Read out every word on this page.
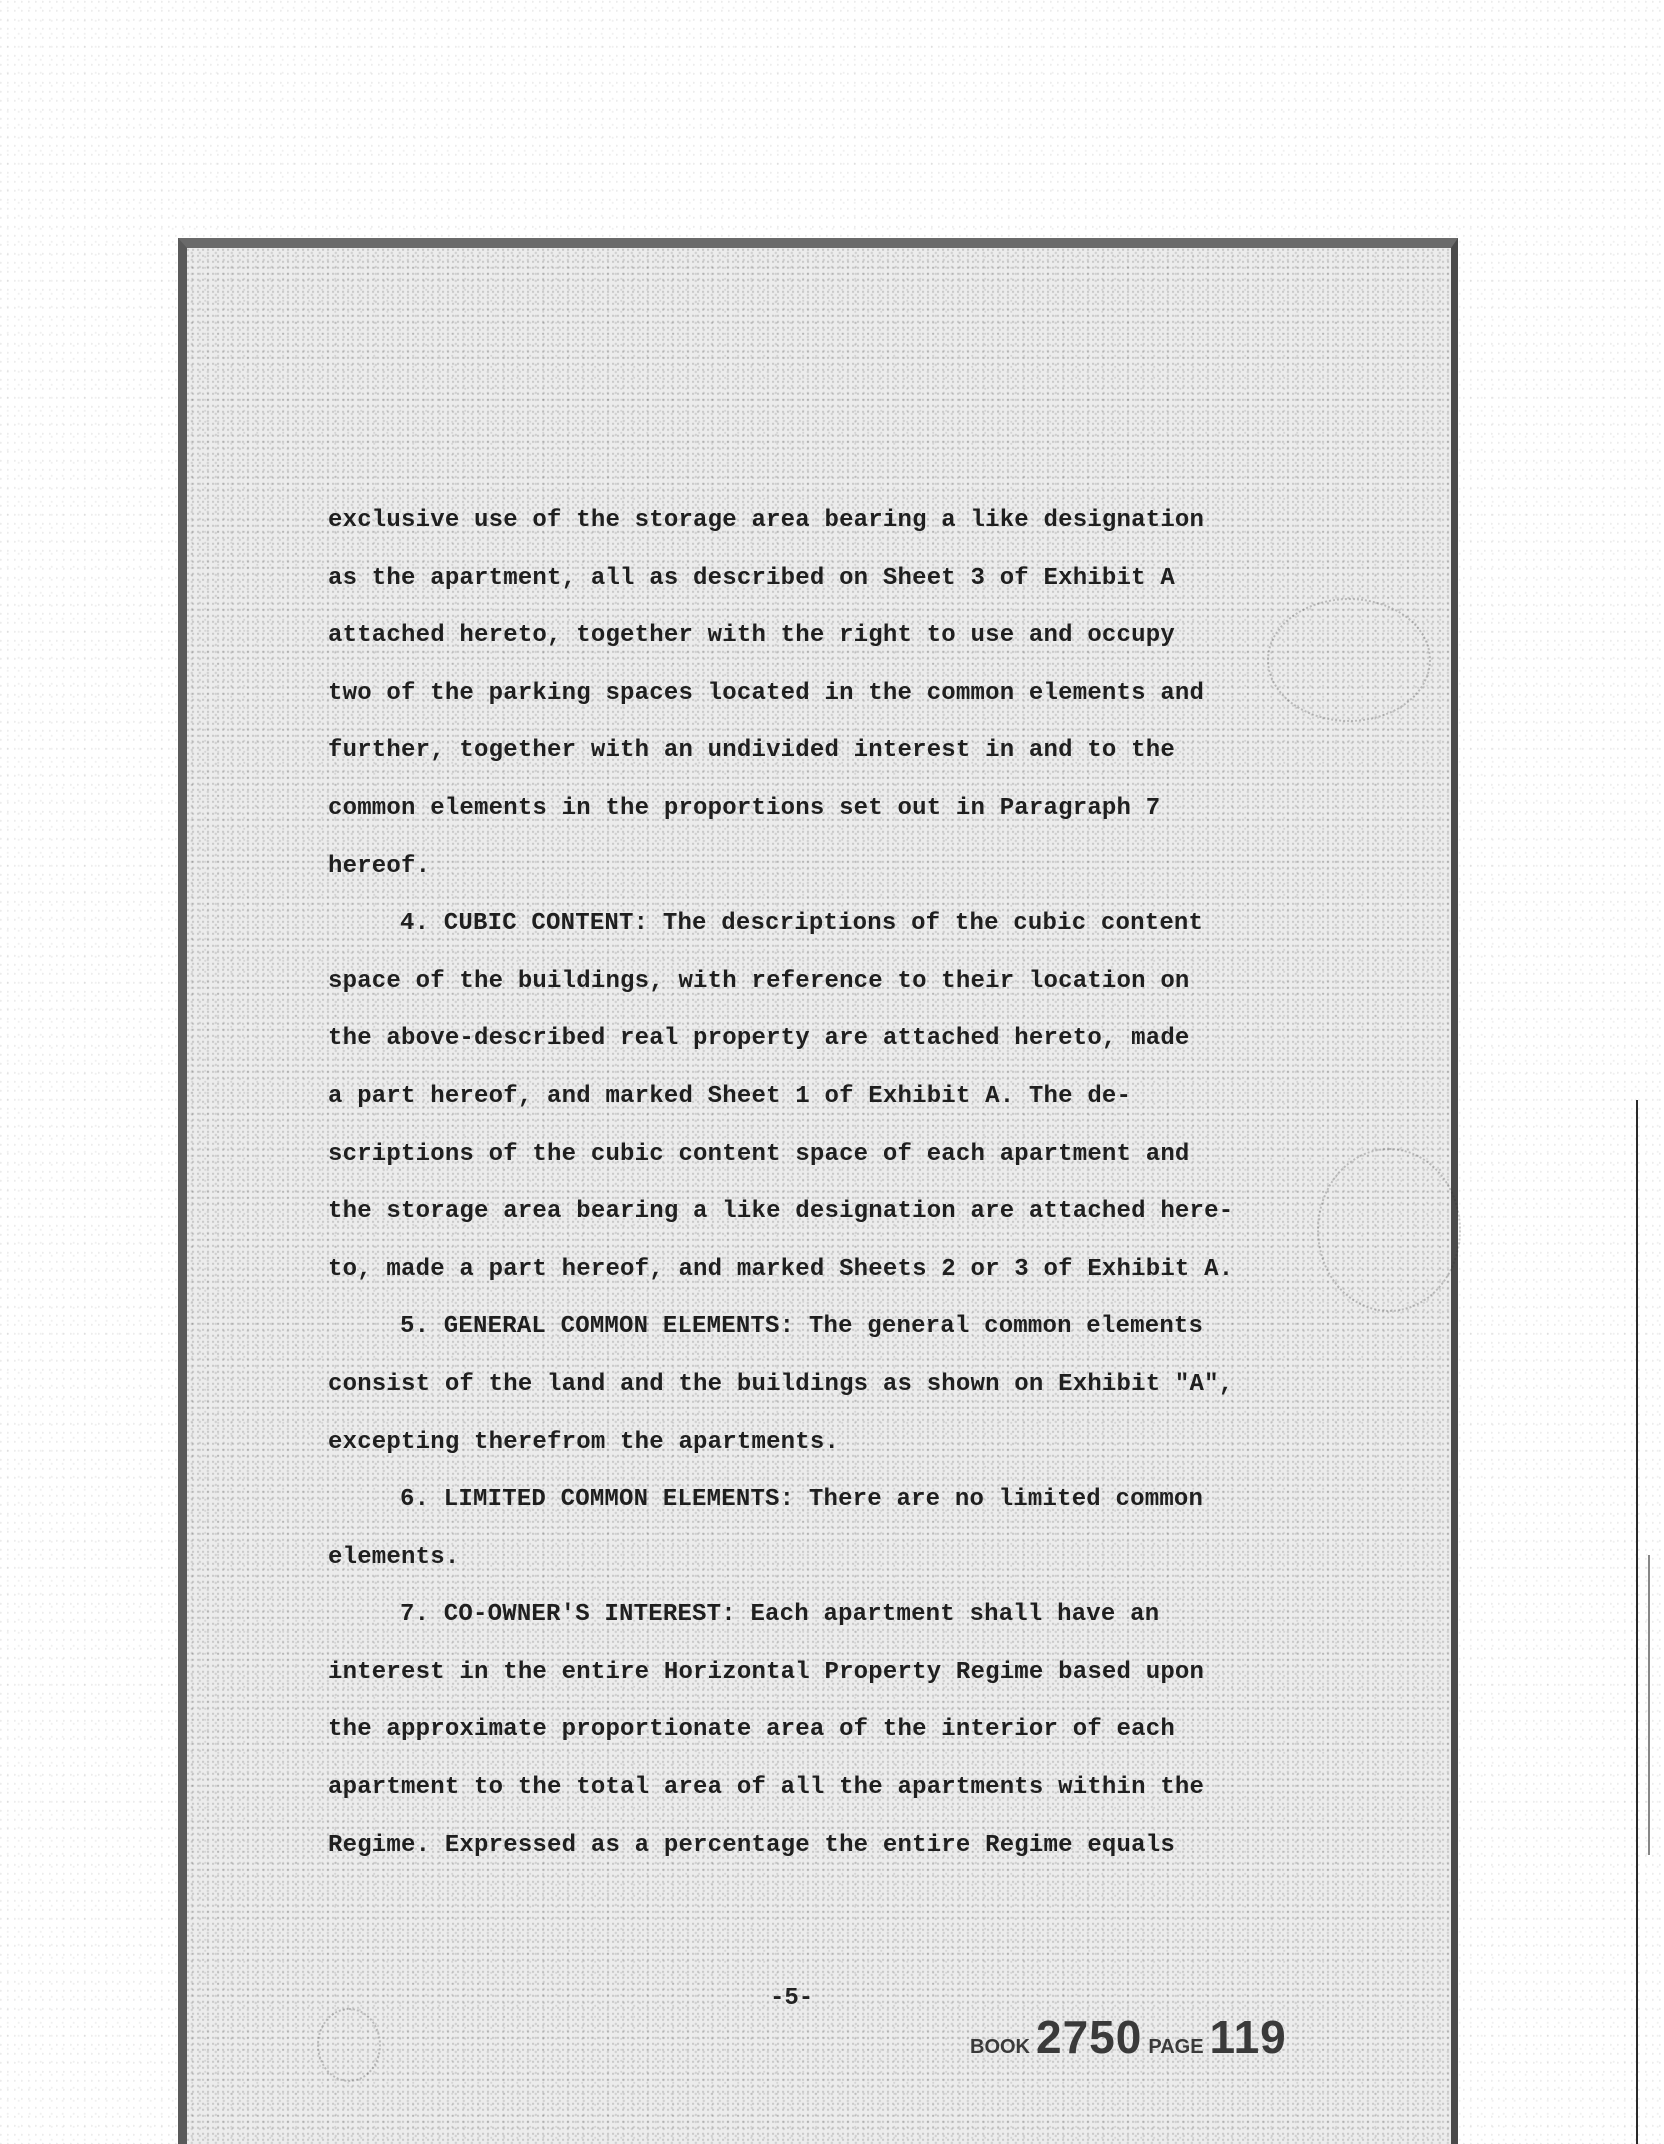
exclusive use of the storage area bearing a like designation
as the apartment, all as described on Sheet 3 of Exhibit A
attached hereto, together with the right to use and occupy
two of the parking spaces located in the common elements and
further, together with an undivided interest in and to the
common elements in the proportions set out in Paragraph 7
hereof.
4. CUBIC CONTENT: The descriptions of the cubic content
space of the buildings, with reference to their location on
the above-described real property are attached hereto, made
a part hereof, and marked Sheet 1 of Exhibit A. The de-
scriptions of the cubic content space of each apartment and
the storage area bearing a like designation are attached here-
to, made a part hereof, and marked Sheets 2 or 3 of Exhibit A.
5. GENERAL COMMON ELEMENTS: The general common elements
consist of the land and the buildings as shown on Exhibit "A",
excepting therefrom the apartments.
6. LIMITED COMMON ELEMENTS: There are no limited common
elements.
7. CO-OWNER'S INTEREST: Each apartment shall have an
interest in the entire Horizontal Property Regime based upon
the approximate proportionate area of the interior of each
apartment to the total area of all the apartments within the
Regime. Expressed as a percentage the entire Regime equals
-5-
BOOK 2750 PAGE 119
